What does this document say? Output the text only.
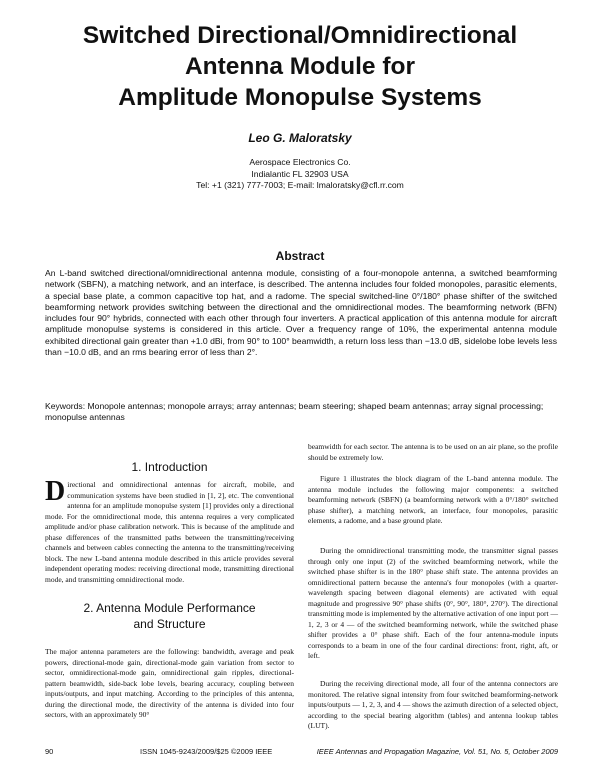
Switched Directional/Omnidirectional
Antenna Module for
Amplitude Monopulse Systems
Leo G. Maloratsky
Aerospace Electronics Co.
Indialantic FL 32903 USA
Tel: +1 (321) 777-7003; E-mail: lmaloratsky@cfl.rr.com
Abstract

An L-band switched directional/omnidirectional antenna module, consisting of a four-monopole antenna, a switched beamforming network (SBFN), a matching network, and an interface, is described. The antenna includes four folded monopoles, parasitic elements, a special base plate, a common capacitive top hat, and a radome. The special switched-line 0°/180° phase shifter of the switched beamforming network provides switching between the directional and the omnidirectional modes. The beamforming network (BFN) includes four 90° hybrids, connected with each other through four inverters. A practical application of this antenna module for aircraft amplitude monopulse systems is considered in this article. Over a frequency range of 10%, the experimental antenna module exhibited directional gain greater than +1.0 dBi, from 90° to 100° beamwidth, a return loss less than −13.0 dB, sidelobe lobe levels less than −10.0 dB, and an rms bearing error of less than 2°.

Keywords: Monopole antennas; monopole arrays; array antennas; beam steering; shaped beam antennas; array signal processing; monopulse antennas

1. Introduction
D irectional and omnidirectional antennas for aircraft, mobile, and communication systems have been studied in [1, 2], etc. The conventional antenna for an amplitude monopulse system [1] provides only a directional mode. For the omnidirectional mode, this antenna requires a very complicated amplitude and/or phase calibration network. This is because of the amplitude and phase differences of the transmitted paths between the transmitting/receiving channels and between cables connecting the antenna to the transmitting/receiving block. The new L-band antenna module described in this article provides several independent operating modes: receiving directional mode, transmitting directional mode, and transmitting omnidirectional mode.

2. Antenna Module Performance
and Structure

The major antenna parameters are the following: bandwidth, average and peak powers, directional-mode gain, directional-mode gain variation from sector to sector, omnidirectional-mode gain, omnidirectional gain ripples, directional-pattern beamwidth, side-back lobe levels, bearing accuracy, coupling between inputs/outputs, and input matching. According to the principles of this antenna, during the directional mode, the directivity of the antenna is divided into four sectors, with an approximately 90°

beamwidth for each sector. The antenna is to be used on an air plane, so the profile should be extremely low.

Figure 1 illustrates the block diagram of the L-band antenna module. The antenna module includes the following major components: a switched beamforming network (SBFN) (a beamforming network with a 0°/180° switched phase shifter), a matching network, an interface, four monopoles, parasitic elements, a radome, and a base ground plate.

During the omnidirectional transmitting mode, the transmitter signal passes through only one input (2) of the switched beamforming network, while the switched phase shifter is in the 180° phase shift state. The antenna provides an omnidirectional pattern because the antenna's four monopoles (with a quarter-wavelength spacing between diagonal elements) are activated with equal magnitude and progressive 90° phase shifts (0°, 90°, 180°, 270°). The directional transmitting mode is implemented by the alternative activation of one input port — 1, 2, 3 or 4 — of the switched beamforming network, while the switched phase shifter provides a 0° phase shift. Each of the four antenna-module inputs corresponds to a beam in one of the four cardinal directions: front, right, aft, or left.

During the receiving directional mode, all four of the antenna connectors are monitored. The relative signal intensity from four switched beamforming-network inputs/outputs — 1, 2, 3, and 4 — shows the azimuth direction of a selected object, according to the special bearing algorithm (tables) and antenna lookup tables (LUT).

90	ISSN 1045-9243/2009/$25 ©2009 IEEE	IEEE Antennas and Propagation Magazine, Vol. 51, No. 5, October 2009
